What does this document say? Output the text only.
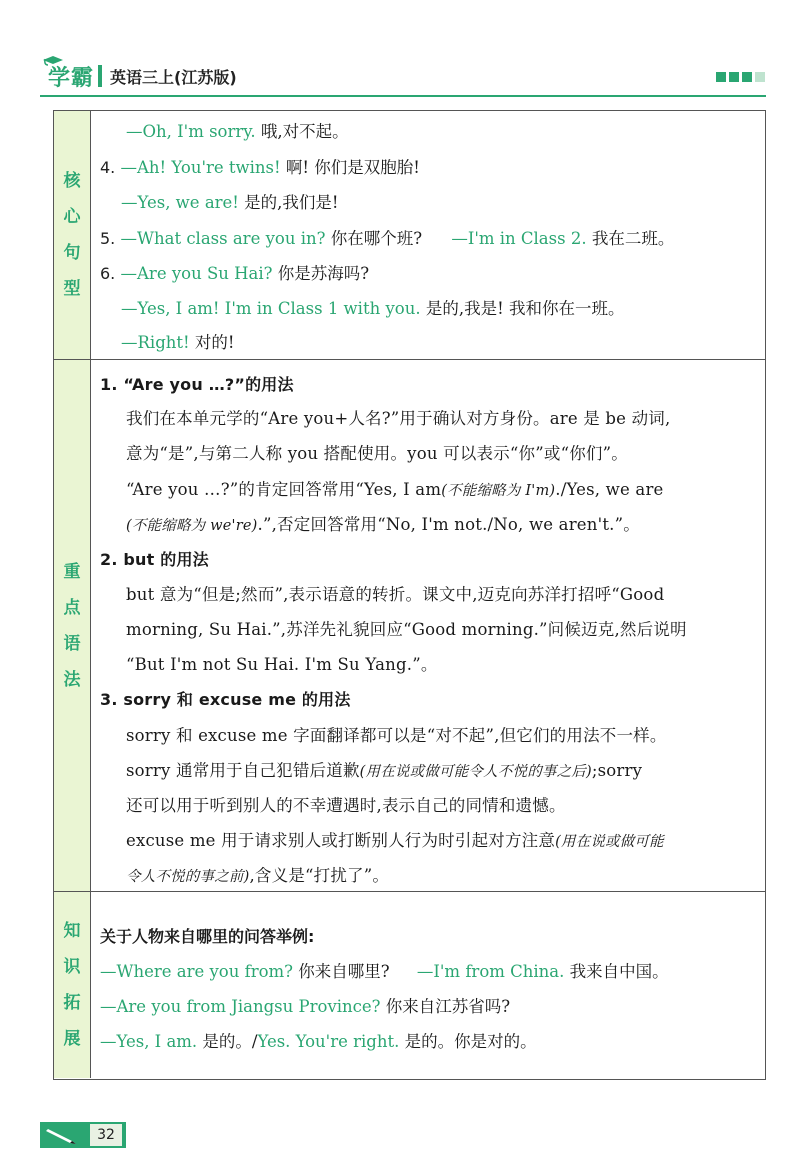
学霸 英语三上(江苏版)
核
心
句
型
—Oh, I'm sorry. 哦,对不起。
4. —Ah! You're twins! 啊! 你们是双胞胎!
—Yes, we are! 是的,我们是!
5. —What class are you in? 你在哪个班? —I'm in Class 2. 我在二班。
6. —Are you Su Hai? 你是苏海吗?
—Yes, I am! I'm in Class 1 with you. 是的,我是! 我和你在一班。
—Right! 对的!
重
点
语
法
1. “Are you …?”的用法
我们在本单元学的“Are you+人名?”用于确认对方身份。are 是 be 动词,
意为“是”,与第二人称 you 搭配使用。you 可以表示“你”或“你们”。
“Are you …?”的肯定回答常用“Yes, I am(不能缩略为 I'm)./Yes, we are
(不能缩略为 we're).”,否定回答常用“No, I'm not./No, we aren't.”。
2. but 的用法
but 意为“但是;然而”,表示语意的转折。课文中,迈克向苏洋打招呼“Good
morning, Su Hai.”,苏洋先礼貌回应“Good morning.”问候迈克,然后说明
“But I'm not Su Hai. I'm Su Yang.”。
3. sorry 和 excuse me 的用法
sorry 和 excuse me 字面翻译都可以是“对不起”,但它们的用法不一样。
sorry 通常用于自己犯错后道歉(用在说或做可能令人不悦的事之后);sorry
还可以用于听到别人的不幸遭遇时,表示自己的同情和遗憾。
excuse me 用于请求别人或打断别人行为时引起对方注意(用在说或做可能
令人不悦的事之前),含义是“打扰了”。
知
识
拓
展
关于人物来自哪里的问答举例:
—Where are you from? 你来自哪里? —I'm from China. 我来自中国。
—Are you from Jiangsu Province? 你来自江苏省吗?
—Yes, I am. 是的。/Yes. You're right. 是的。你是对的。
32
